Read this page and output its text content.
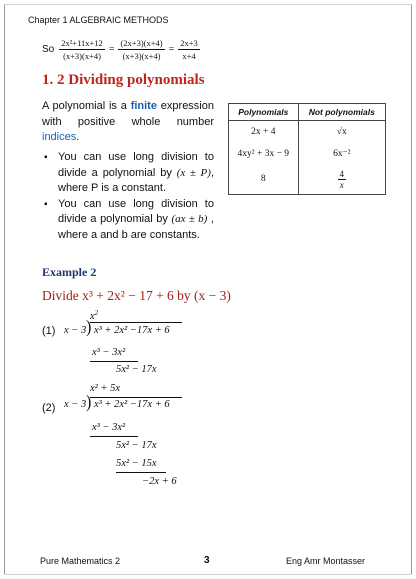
Chapter 1 ALGEBRAIC METHODS
So $\frac{\text{2x²+11x+12}}{(x+3)(x+4)} = \frac{(2x+3)(x+4)}{(x+3)(x+4)} = \frac{2x+3}{x+4}$
1. 2 Dividing polynomials

A polynomial is a finite expression with positive whole number indices.

▪ You can use long division to divide a polynomial by (x ± P), where P is a constant.
▪ You can use long division to divide a polynomial by (ax ± b) , where a and b are constants.
Polynomials	Not polynomials
2x + 4	√x
4xy² + 3x − 9	6x⁻²
8	$\frac{4}{x}$
Example 2
Divide x³ + 2x² − 17 + 6 by (x − 3)
(1)
$x^2$
x − 3 ) x³ + 2x² −17x + 6
x³ − 3x²
5x² − 17x
(2)
x² + 5x
x − 3 ) x³ + 2x² −17x + 6
x³ − 3x²
5x² − 17x
5x² − 15x
−2x + 6
Pure Mathematics 2	3	Eng Amr Montasser
